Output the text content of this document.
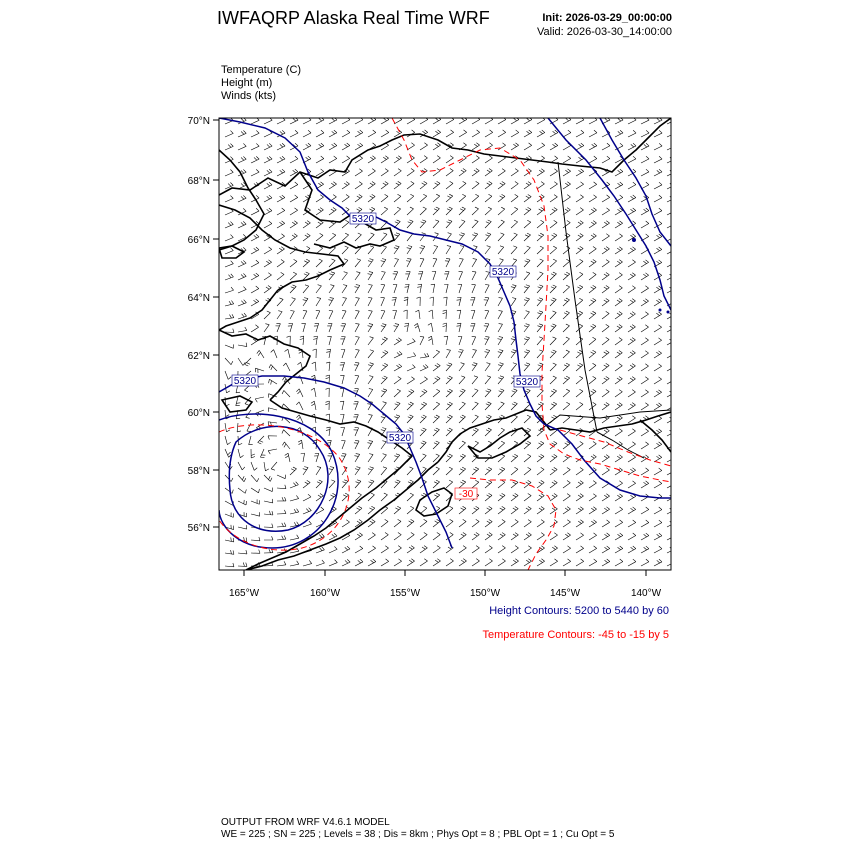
IWFAQRP Alaska Real Time WRF	Init: 2026-03-29_00:00:00
Valid: 2026-03-30_14:00:00
Temperature (C)
Height (m)
Winds (kts)
5320
5320
5320	5320
5320
-30
70°N
68°N
66°N
64°N
62°N
60°N
58°N
56°N
165°W	160°W	155°W	150°W	145°W	140°W
Height Contours: 5200 to 5440 by 60
Temperature Contours: -45 to -15 by 5
OUTPUT FROM WRF V4.6.1 MODEL
WE = 225 ; SN = 225 ; Levels = 38 ; Dis = 8km ; Phys Opt = 8 ; PBL Opt = 1 ; Cu Opt = 5
